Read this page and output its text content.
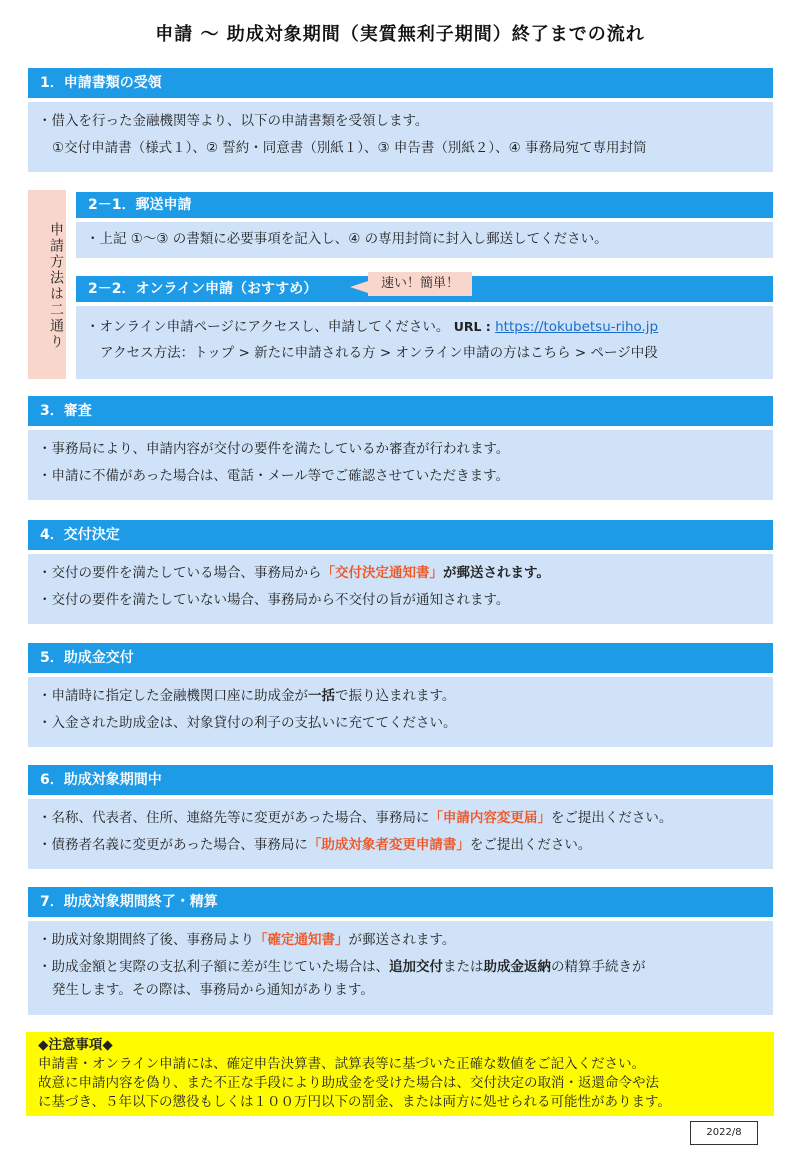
申請 〜 助成対象期間（実質無利子期間）終了までの流れ
1．申請書類の受領
・借入を行った金融機関等より、以下の申請書類を受領します。
①交付申請書（様式１）、② 誓約・同意書（別紙１）、③ 申告書（別紙２）、④ 事務局宛て専用封筒
申請方法は二通り
2－1．郵送申請
・上記 ①～③ の書類に必要事項を記入し、④ の専用封筒に封入し郵送してください。
2－2．オンライン申請（おすすめ）	速い！簡単！
・オンライン申請ページにアクセスし、申請してください。 URL : https://tokubetsu-riho.jp
アクセス方法：トップ > 新たに申請される方 > オンライン申請の方はこちら > ページ中段
3．審査
・事務局により、申請内容が交付の要件を満たしているか審査が行われます。
・申請に不備があった場合は、電話・メール等でご確認させていただきます。
4．交付決定
・交付の要件を満たしている場合、事務局から「交付決定通知書」が郵送されます。
・交付の要件を満たしていない場合、事務局から不交付の旨が通知されます。
5．助成金交付
・申請時に指定した金融機関口座に助成金が一括で振り込まれます。
・入金された助成金は、対象貸付の利子の支払いに充ててください。
6．助成対象期間中
・名称、代表者、住所、連絡先等に変更があった場合、事務局に「申請内容変更届」をご提出ください。
・債務者名義に変更があった場合、事務局に「助成対象者変更申請書」をご提出ください。
7．助成対象期間終了・精算
・助成対象期間終了後、事務局より「確定通知書」が郵送されます。
・助成金額と実際の支払利子額に差が生じていた場合は、追加交付または助成金返納の精算手続きが
発生します。その際は、事務局から通知があります。
◆注意事項◆
申請書・オンライン申請には、確定申告決算書、試算表等に基づいた正確な数値をご記入ください。
故意に申請内容を偽り、また不正な手段により助成金を受けた場合は、交付決定の取消・返還命令や法
に基づき、５年以下の懲役もしくは１００万円以下の罰金、または両方に処せられる可能性があります。
2022/8
